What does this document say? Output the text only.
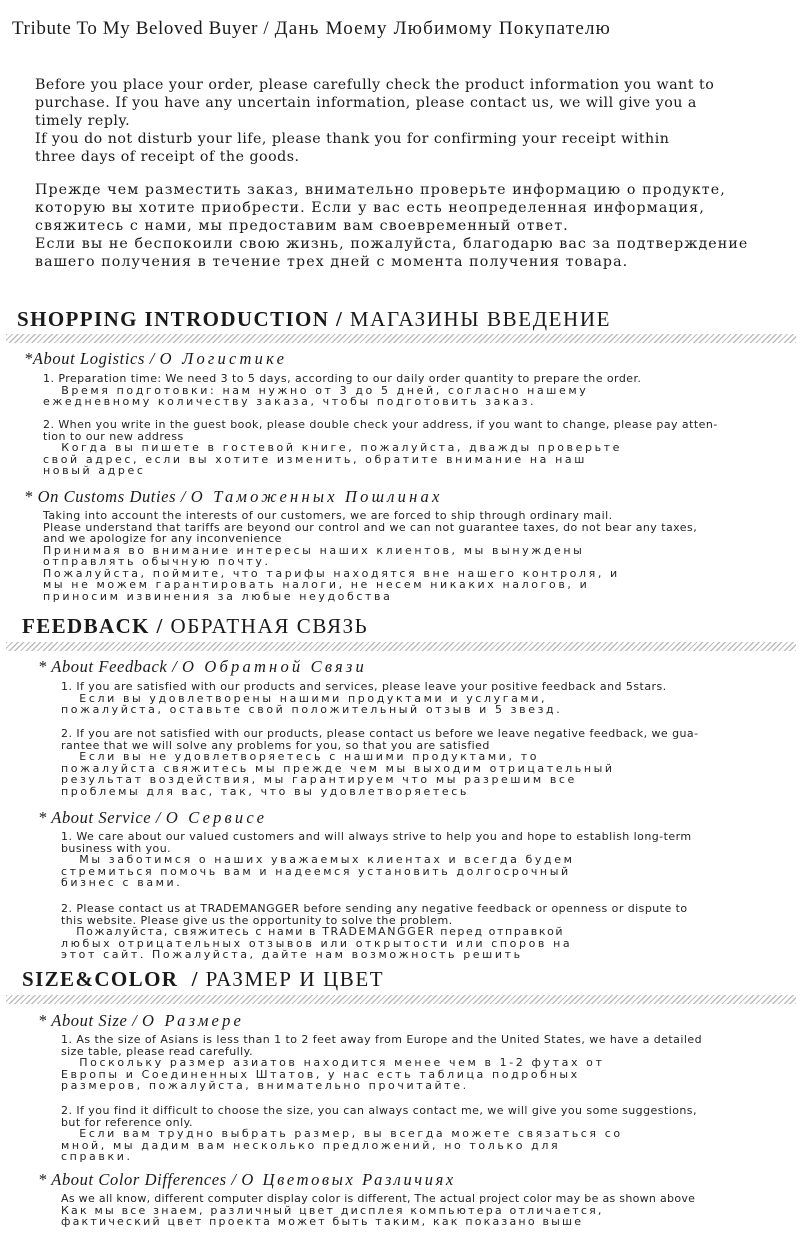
Tribute To My Beloved Buyer / Дань Моему Любимому Покупателю
Before you place your order, please carefully check the product information you want to
purchase. If you have any uncertain information, please contact us, we will give you a
timely reply.
If you do not disturb your life, please thank you for confirming your receipt within
three days of receipt of the goods.
Прежде чем разместить заказ, внимательно проверьте информацию о продукте,
которую вы хотите приобрести. Если у вас есть неопределенная информация,
свяжитесь с нами, мы предоставим вам своевременный ответ.
Если вы не беспокоили свою жизнь, пожалуйста, благодарю вас за подтверждение
вашего получения в течение трех дней с момента получения товара.
SHOPPING INTRODUCTION / МАГАЗИНЫ ВВЕДЕНИЕ
*About Logistics / О Логистике
1. Preparation time: We need 3 to 5 days, according to our daily order quantity to prepare the order.
Время подготовки: нам нужно от 3 до 5 дней, согласно нашему
ежедневному количеству заказа, чтобы подготовить заказ.
2. When you write in the guest book, please double check your address, if you want to change, please pay atten-
tion to our new address
Когда вы пишете в гостевой книге, пожалуйста, дважды проверьте
свой адрес, если вы хотите изменить, обратите внимание на наш
новый адрес
* On Customs Duties / О Таможенных Пошлинах
Taking into account the interests of our customers, we are forced to ship through ordinary mail.
Please understand that tariffs are beyond our control and we can not guarantee taxes, do not bear any taxes,
and we apologize for any inconvenience
Принимая во внимание интересы наших клиентов, мы вынуждены
отправлять обычную почту.
Пожалуйста, поймите, что тарифы находятся вне нашего контроля, и
мы не можем гарантировать налоги, не несем никаких налогов, и
приносим извинения за любые неудобства
FEEDBACK / ОБРАТНАЯ СВЯЗЬ
* About Feedback / О Обратной Связи
1. If you are satisfied with our products and services, please leave your positive feedback and 5stars.
Если вы удовлетворены нашими продуктами и услугами,
пожалуйста, оставьте свой положительный отзыв и 5 звезд.
2. If you are not satisfied with our products, please contact us before we leave negative feedback, we gua-
rantee that we will solve any problems for you, so that you are satisfied
Если вы не удовлетворяетесь с нашими продуктами, то
пожалуйста свяжитесь мы прежде чем мы выходим отрицательный
результат воздействия, мы гарантируем что мы разрешим все
проблемы для вас, так, что вы удовлетворяетесь
* About Service / О Сервисе
1. We care about our valued customers and will always strive to help you and hope to establish long-term
business with you.
Мы заботимся о наших уважаемых клиентах и всегда будем
стремиться помочь вам и надеемся установить долгосрочный
бизнес с вами.
2. Please contact us at TRADEMANGGER before sending any negative feedback or openness or dispute to
this website. Please give us the opportunity to solve the problem.
Пожалуйста, свяжитесь с нами в TRADEMANGGER перед отправкой
любых отрицательных отзывов или открытости или споров на
этот сайт. Пожалуйста, дайте нам возможность решить
SIZE&COLOR  / РАЗМЕР И ЦВЕТ
* About Size / О Размере
1. As the size of Asians is less than 1 to 2 feet away from Europe and the United States, we have a detailed
size table, please read carefully.
Поскольку размер азиатов находится менее чем в 1-2 футах от
Европы и Соединенных Штатов, у нас есть таблица подробных
размеров, пожалуйста, внимательно прочитайте.
2. If you find it difficult to choose the size, you can always contact me, we will give you some suggestions,
but for reference only.
Если вам трудно выбрать размер, вы всегда можете связаться со
мной, мы дадим вам несколько предложений, но только для
справки.
* About Color Differences / О Цветовых Различиях
As we all know, different computer display color is different, The actual project color may be as shown above
Как мы все знаем, различный цвет дисплея компьютера отличается,
фактический цвет проекта может быть таким, как показано выше
